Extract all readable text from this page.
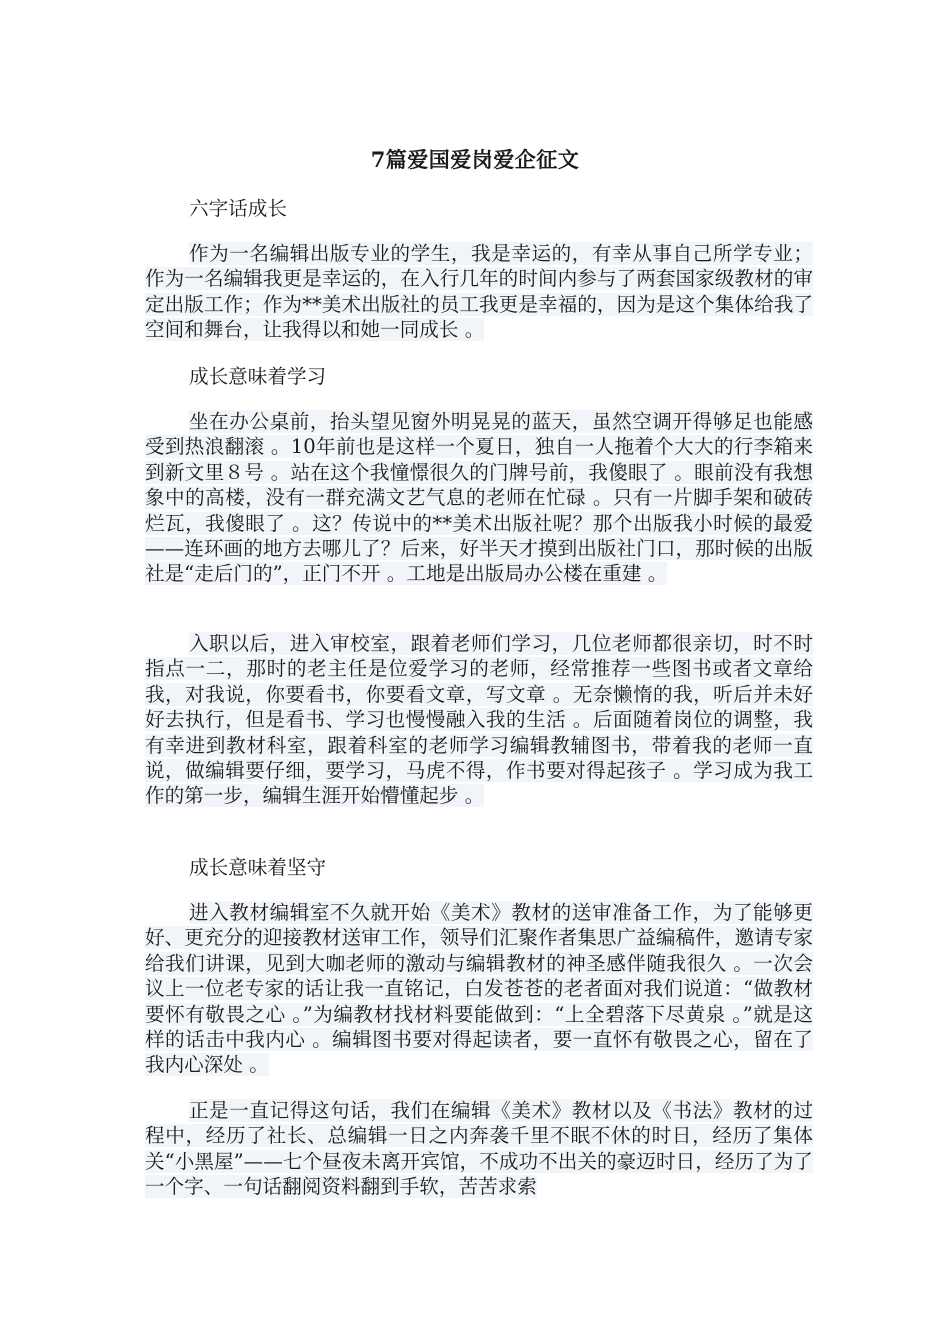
7篇爱国爱岗爱企征文

六字话成长

作为一名编辑出版专业的学生，我是幸运的，有幸从事自己所学专业；作为一名编辑我更是幸运的，在入行几年的时间内参与了两套国家级教材的审定出版工作；作为**美术出版社的员工我更是幸福的，因为是这个集体给我了空间和舞台，让我得以和她一同成长 。

成长意味着学习

坐在办公桌前，抬头望见窗外明晃晃的蓝天，虽然空调开得够足也能感受到热浪翻滚 。10年前也是这样一个夏日，独自一人拖着个大大的行李箱来到新文里８号 。站在这个我憧憬很久的门牌号前，我傻眼了 。眼前没有我想象中的高楼，没有一群充满文艺气息的老师在忙碌 。只有一片脚手架和破砖烂瓦，我傻眼了 。这？传说中的**美术出版社呢？那个出版我小时候的最爱——连环画的地方去哪儿了？后来，好半天才摸到出版社门口，那时候的出版社是“走后门的”，正门不开 。工地是出版局办公楼在重建 。

入职以后，进入审校室，跟着老师们学习，几位老师都很亲切，时不时指点一二，那时的老主任是位爱学习的老师，经常推荐一些图书或者文章给我，对我说，你要看书，你要看文章，写文章 。无奈懒惰的我，听后并未好好去执行，但是看书、学习也慢慢融入我的生活 。后面随着岗位的调整，我有幸进到教材科室，跟着科室的老师学习编辑教辅图书，带着我的老师一直说，做编辑要仔细，要学习，马虎不得，作书要对得起孩子 。学习成为我工作的第一步，编辑生涯开始懵懂起步 。

成长意味着坚守

进入教材编辑室不久就开始《美术》教材的送审准备工作，为了能够更好、更充分的迎接教材送审工作，领导们汇聚作者集思广益编稿件，邀请专家给我们讲课，见到大咖老师的激动与编辑教材的神圣感伴随我很久 。一次会议上一位老专家的话让我一直铭记，白发苍苍的老者面对我们说道：“做教材要怀有敬畏之心 。”为编教材找材料要能做到：“上全碧落下尽黄泉 。”就是这样的话击中我内心 。编辑图书要对得起读者，要一直怀有敬畏之心，留在了我内心深处 。

正是一直记得这句话，我们在编辑《美术》教材以及《书法》教材的过程中，经历了社长、总编辑一日之内奔袭千里不眠不休的时日，经历了集体关“小黑屋”——七个昼夜未离开宾馆，不成功不出关的豪迈时日，经历了为了一个字、一句话翻阅资料翻到手软，苦苦求索
